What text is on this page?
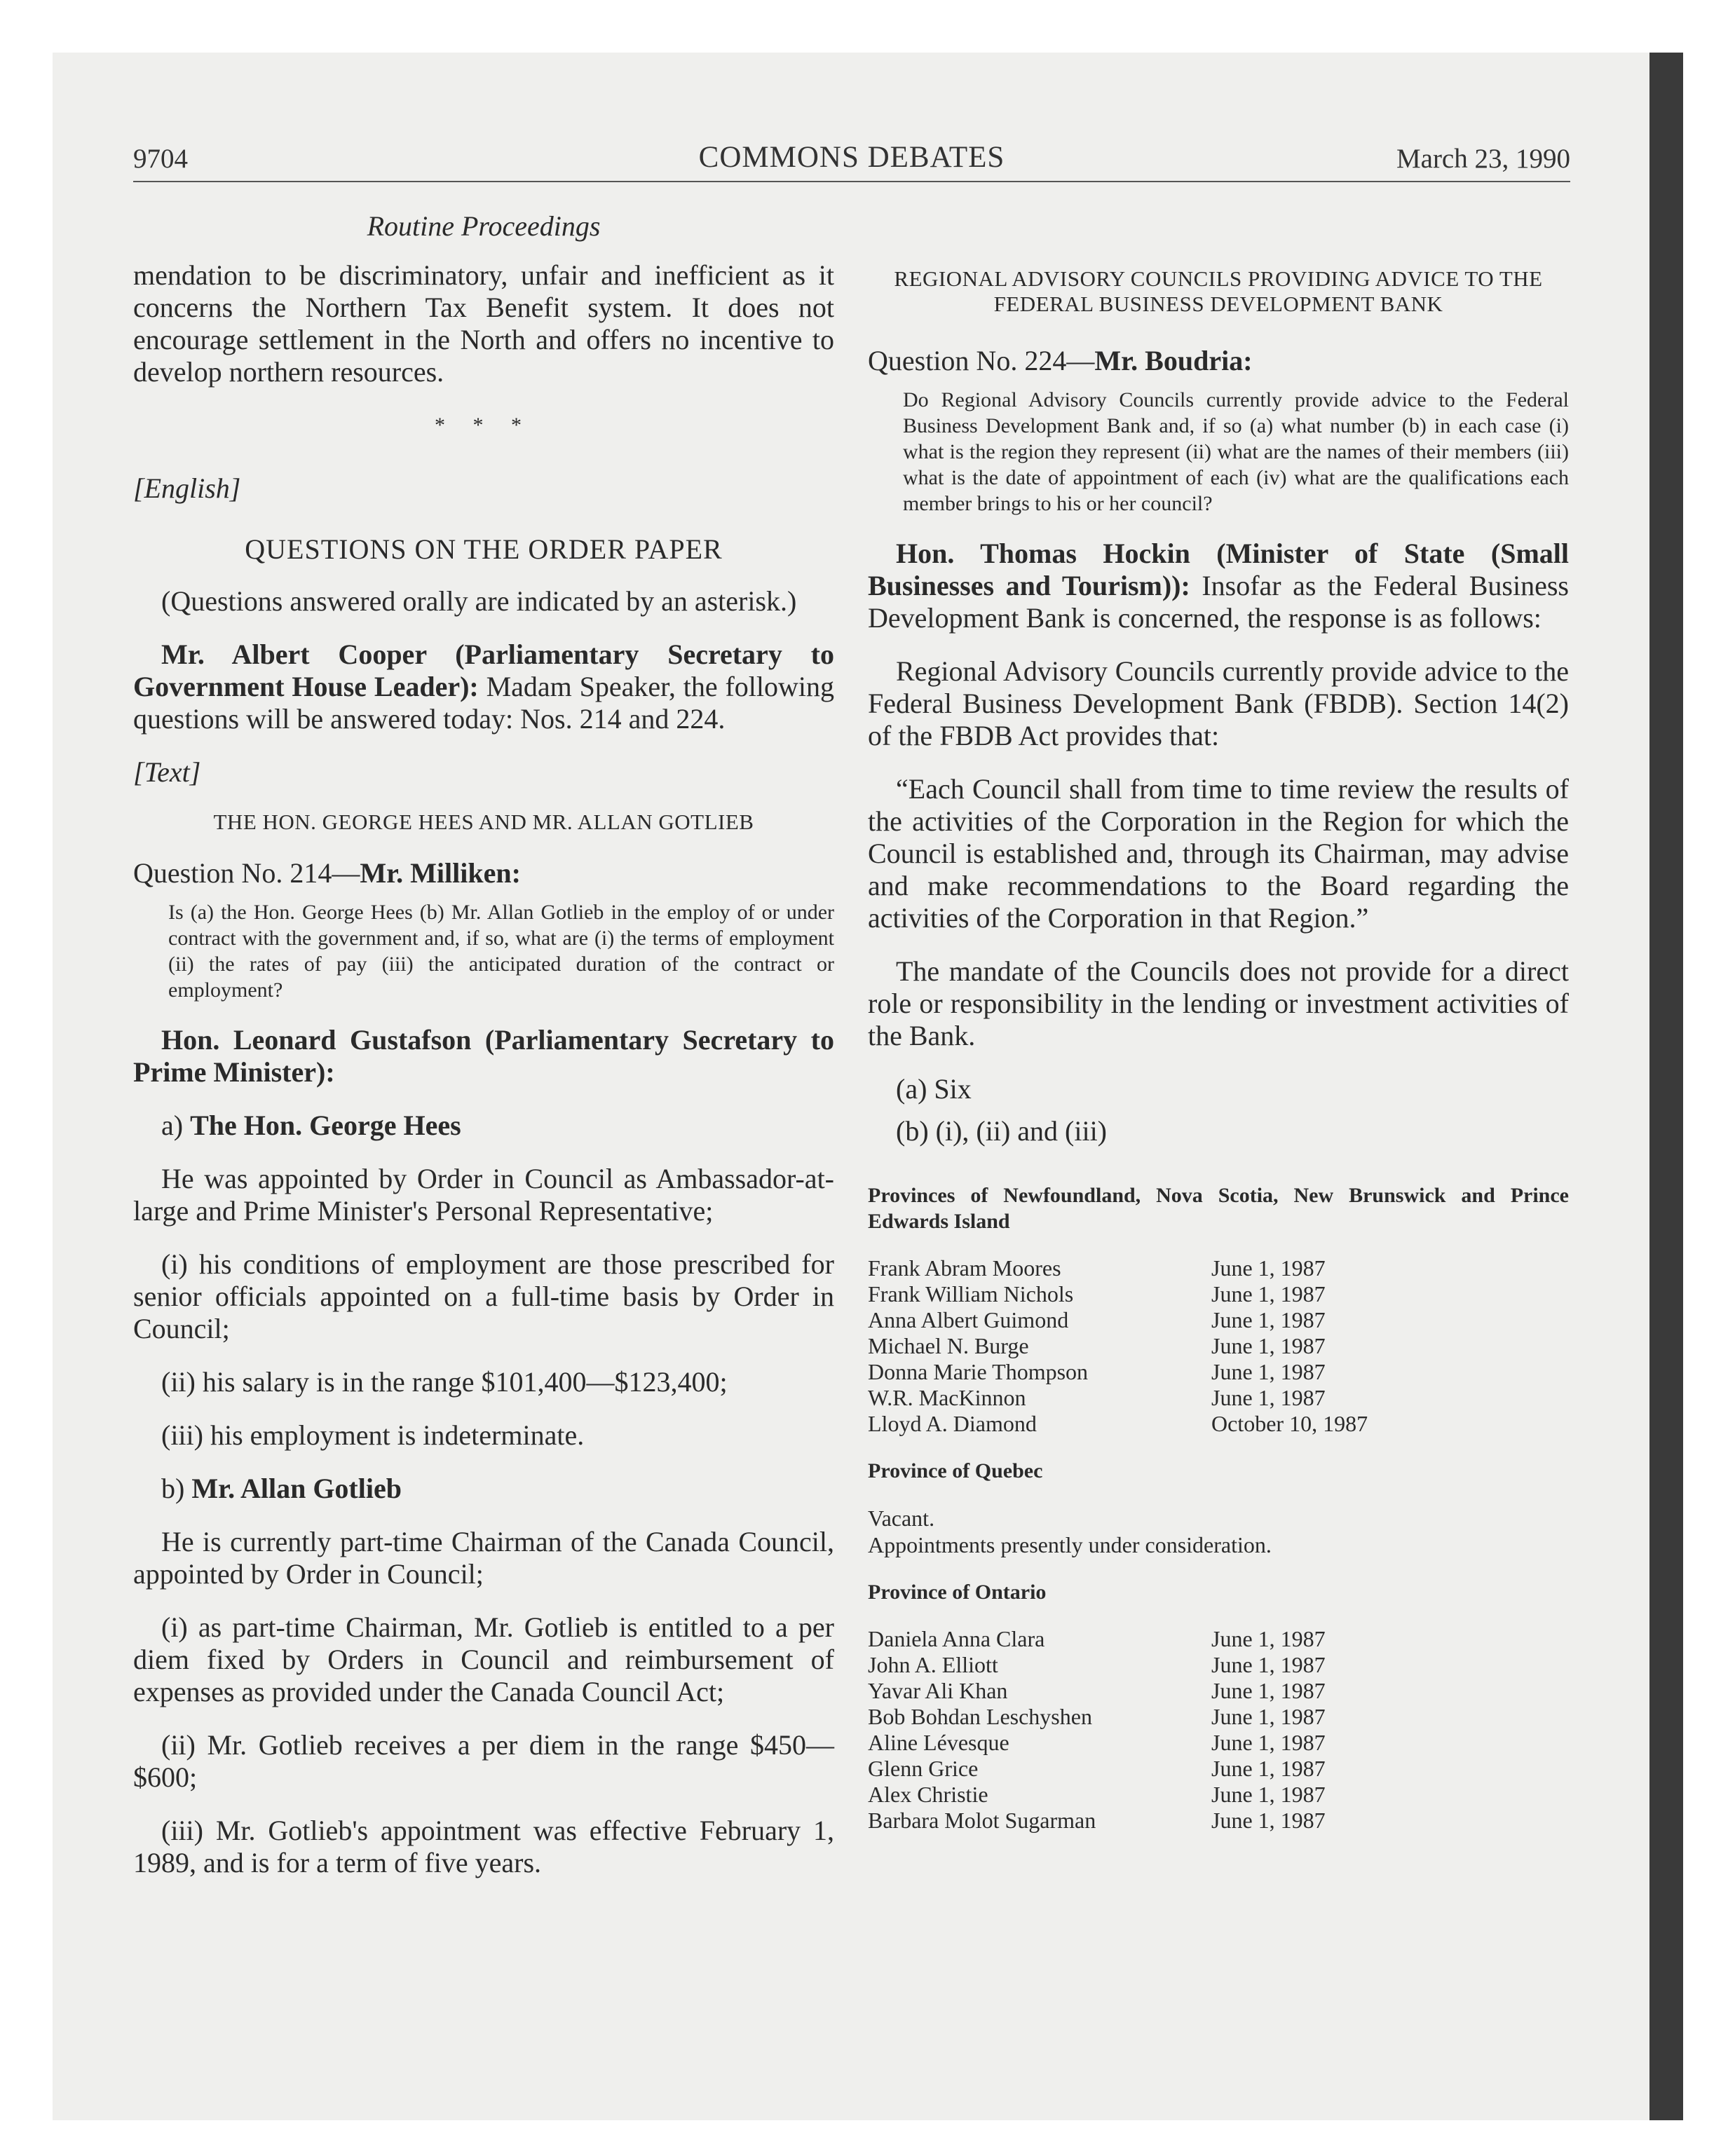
9704	COMMONS DEBATES	March 23, 1990

Routine Proceedings

mendation to be discriminatory, unfair and inefficient as it concerns the Northern Tax Benefit system. It does not encourage settlement in the North and offers no incentive to develop northern resources.

* * *

[English]

QUESTIONS ON THE ORDER PAPER

(Questions answered orally are indicated by an asterisk.)

Mr. Albert Cooper (Parliamentary Secretary to Government House Leader): Madam Speaker, the following questions will be answered today: Nos. 214 and 224.

[Text]

THE HON. GEORGE HEES AND MR. ALLAN GOTLIEB

Question No. 214—Mr. Milliken:

Is (a) the Hon. George Hees (b) Mr. Allan Gotlieb in the employ of or under contract with the government and, if so, what are (i) the terms of employment (ii) the rates of pay (iii) the anticipated duration of the contract or employment?

Hon. Leonard Gustafson (Parliamentary Secretary to Prime Minister):

a) The Hon. George Hees

He was appointed by Order in Council as Ambassador-at-large and Prime Minister's Personal Representative;

(i) his conditions of employment are those prescribed for senior officials appointed on a full-time basis by Order in Council;

(ii) his salary is in the range $101,400—$123,400;

(iii) his employment is indeterminate.

b) Mr. Allan Gotlieb

He is currently part-time Chairman of the Canada Council, appointed by Order in Council;

(i) as part-time Chairman, Mr. Gotlieb is entitled to a per diem fixed by Orders in Council and reimbursement of expenses as provided under the Canada Council Act;

(ii) Mr. Gotlieb receives a per diem in the range $450—$600;

(iii) Mr. Gotlieb's appointment was effective February 1, 1989, and is for a term of five years.

REGIONAL ADVISORY COUNCILS PROVIDING ADVICE TO THE FEDERAL BUSINESS DEVELOPMENT BANK

Question No. 224—Mr. Boudria:

Do Regional Advisory Councils currently provide advice to the Federal Business Development Bank and, if so (a) what number (b) in each case (i) what is the region they represent (ii) what are the names of their members (iii) what is the date of appointment of each (iv) what are the qualifications each member brings to his or her council?

Hon. Thomas Hockin (Minister of State (Small Businesses and Tourism)): Insofar as the Federal Business Development Bank is concerned, the response is as follows:

Regional Advisory Councils currently provide advice to the Federal Business Development Bank (FBDB). Section 14(2) of the FBDB Act provides that:

“Each Council shall from time to time review the results of the activities of the Corporation in the Region for which the Council is established and, through its Chairman, may advise and make recommendations to the Board regarding the activities of the Corporation in that Region.”

The mandate of the Councils does not provide for a direct role or responsibility in the lending or investment activities of the Bank.

(a) Six

(b) (i), (ii) and (iii)

Provinces of Newfoundland, Nova Scotia, New Brunswick and Prince Edwards Island

Frank Abram Moores	June 1, 1987
Frank William Nichols	June 1, 1987
Anna Albert Guimond	June 1, 1987
Michael N. Burge	June 1, 1987
Donna Marie Thompson	June 1, 1987
W.R. MacKinnon	June 1, 1987
Lloyd A. Diamond	October 10, 1987

Province of Quebec

Vacant.

Appointments presently under consideration.

Province of Ontario

Daniela Anna Clara	June 1, 1987
John A. Elliott	June 1, 1987
Yavar Ali Khan	June 1, 1987
Bob Bohdan Leschyshen	June 1, 1987
Aline Lévesque	June 1, 1987
Glenn Grice	June 1, 1987
Alex Christie	June 1, 1987
Barbara Molot Sugarman	June 1, 1987
